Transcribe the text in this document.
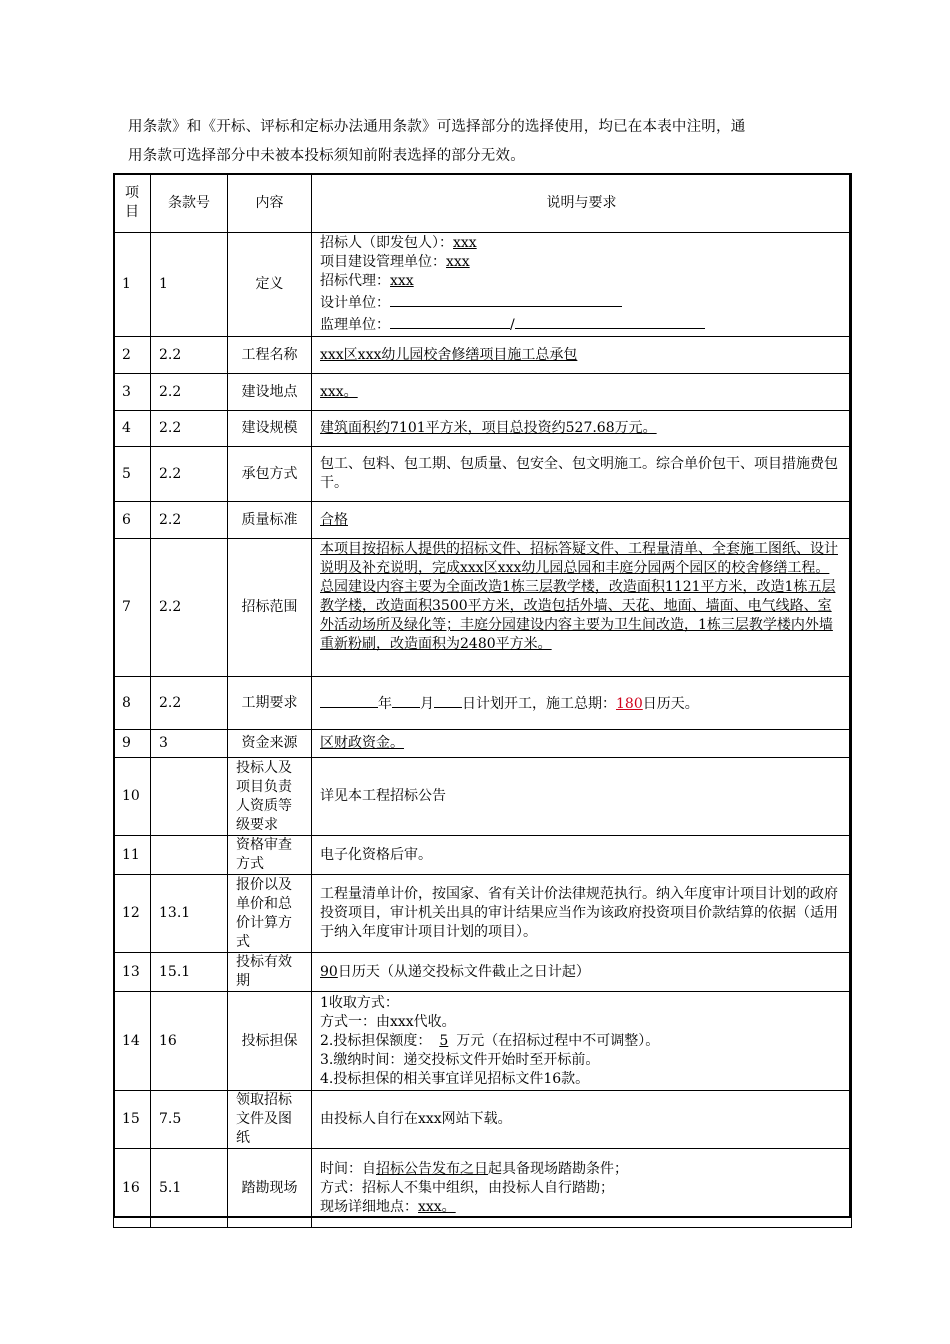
用条款》和《开标、评标和定标办法通用条款》可选择部分的选择使用，均已在本表中注明，通

用条款可选择部分中未被本投标须知前附表选择的部分无效。

项目	条款号	内容	说明与要求
1	1	定义	招标人（即发包人）：xxx
项目建设管理单位：xxx
招标代理：xxx
设计单位：
监理单位： /

2	2.2	工程名称	xxx区xxx幼儿园校舍修缮项目施工总承包
3	2.2	建设地点	xxx。
4	2.2	建设规模	建筑面积约7101平方米，项目总投资约527.68万元。
5	2.2	承包方式	包工、包料、包工期、包质量、包安全、包文明施工。综合单价包干、项目措施费包干。
6	2.2	质量标准	合格
7	2.2	招标范围	本项目按招标人提供的招标文件、招标答疑文件、工程量清单、全套施工图纸、设计说明及补充说明，完成xxx区xxx幼儿园总园和丰庭分园两个园区的校舍修缮工程。总园建设内容主要为全面改造1栋三层教学楼，改造面积1121平方米，改造1栋五层教学楼，改造面积3500平方米，改造包括外墙、天花、地面、墙面、电气线路、室外活动场所及绿化等；丰庭分园建设内容主要为卫生间改造，1栋三层教学楼内外墙重新粉刷，改造面积为2480平方米。
8	2.2	工期要求	年 月 日计划开工，施工总期：180日历天。
9	3	资金来源	区财政资金。
10		投标人及项目负责人资质等级要求	详见本工程招标公告
11		资格审查方式	电子化资格后审。
12	13.1	报价以及单价和总价计算方式	工程量清单计价，按国家、省有关计价法律规范执行。纳入年度审计项目计划的政府投资项目，审计机关出具的审计结果应当作为该政府投资项目价款结算的依据（适用于纳入年度审计项目计划的项目）。
13	15.1	投标有效期	90日历天（从递交投标文件截止之日计起）
14	16	投标担保	1收取方式：
方式一：由xxx代收。
2.投标担保额度： 5 万元（在招标过程中不可调整）。
3.缴纳时间：递交投标文件开始时至开标前。
4.投标担保的相关事宜详见招标文件16款。

15	7.5	领取招标文件及图纸	由投标人自行在xxx网站下载。
16	5.1	踏勘现场	时间：自招标公告发布之日起具备现场踏勘条件；
方式：招标人不集中组织，由投标人自行踏勘；
现场详细地点：xxx。
